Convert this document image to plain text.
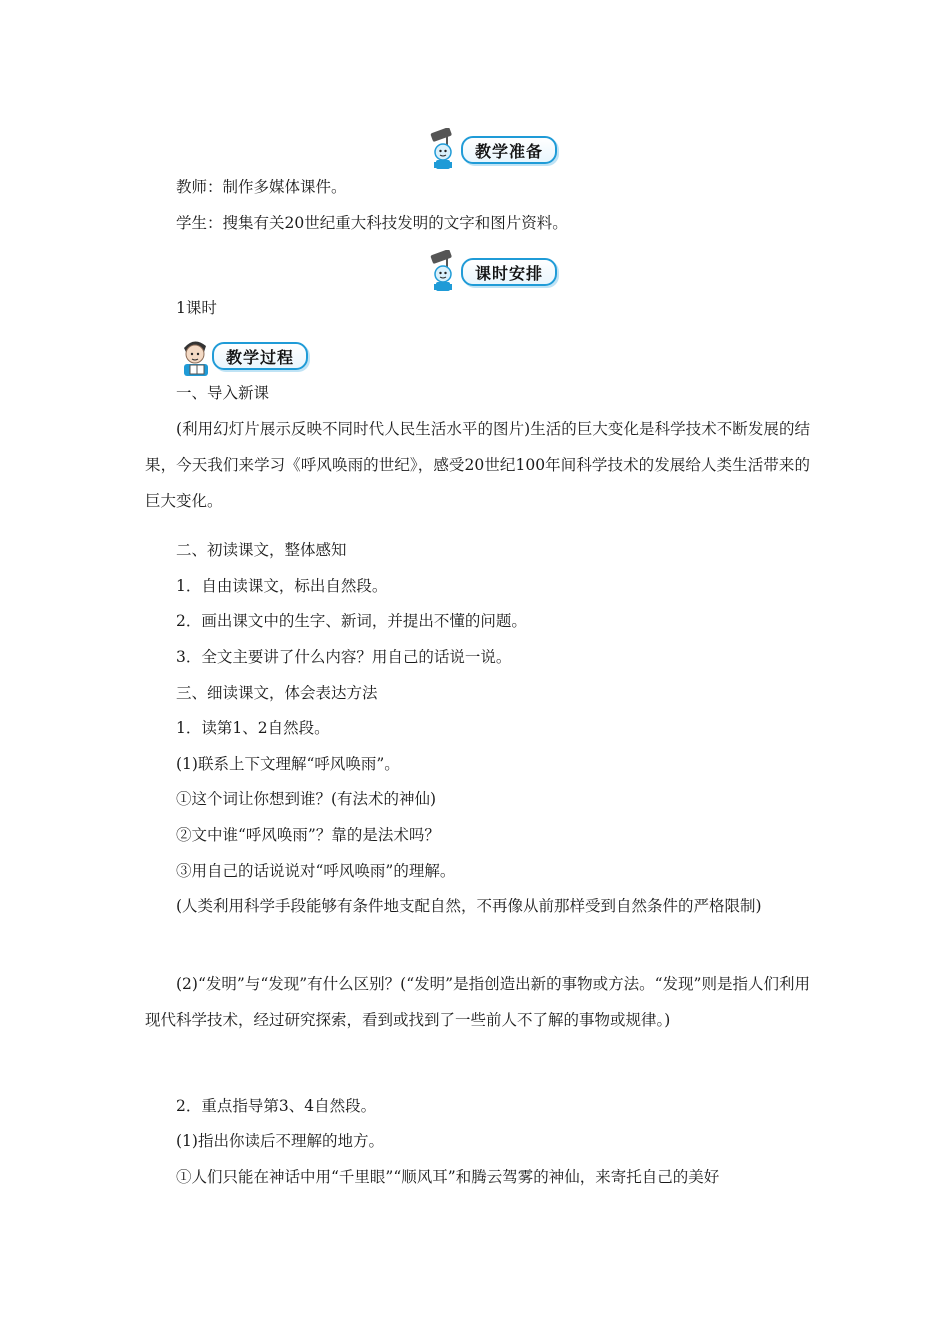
教学准备

教师：制作多媒体课件。

学生：搜集有关20世纪重大科技发明的文字和图片资料。

课时安排

1课时

教学过程

一、导入新课

(利用幻灯片展示反映不同时代人民生活水平的图片)生活的巨大变化是科学技术不断发展的结果，今天我们来学习《呼风唤雨的世纪》，感受20世纪100年间科学技术的发展给人类生活带来的巨大变化。

二、初读课文，整体感知

1．自由读课文，标出自然段。

2．画出课文中的生字、新词，并提出不懂的问题。

3．全文主要讲了什么内容？用自己的话说一说。

三、细读课文，体会表达方法

1．读第1、2自然段。

(1)联系上下文理解“呼风唤雨”。

①这个词让你想到谁？(有法术的神仙)

②文中谁“呼风唤雨”？靠的是法术吗？

③用自己的话说说对“呼风唤雨”的理解。

(人类利用科学手段能够有条件地支配自然，不再像从前那样受到自然条件的严格限制)

(2)“发明”与“发现”有什么区别？(“发明”是指创造出新的事物或方法。“发现”则是指人们利用现代科学技术，经过研究探索，看到或找到了一些前人不了解的事物或规律。)

2．重点指导第3、4自然段。

(1)指出你读后不理解的地方。

①人们只能在神话中用“千里眼”“顺风耳”和腾云驾雾的神仙，来寄托自己的美好
